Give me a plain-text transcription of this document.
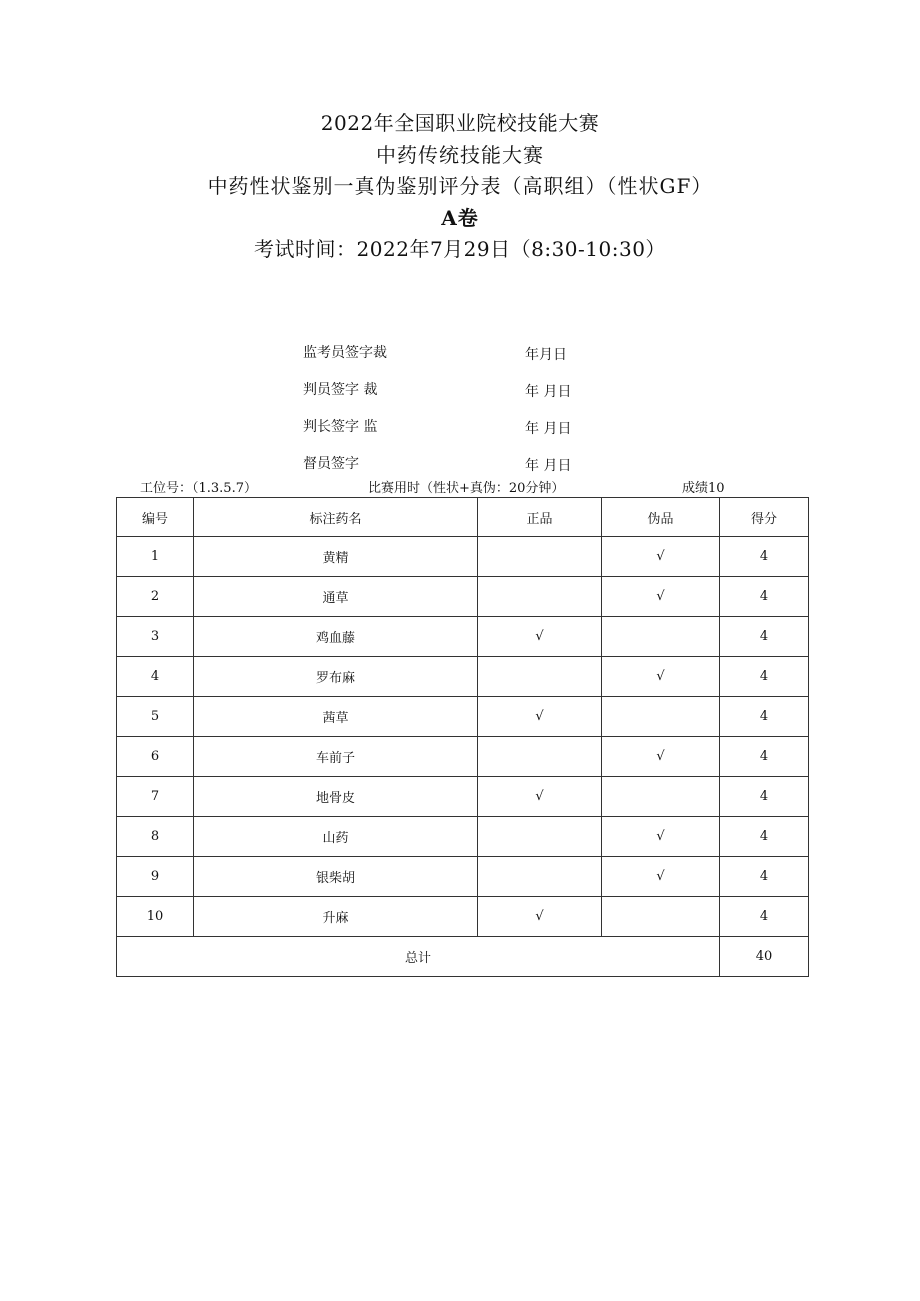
2022年全国职业院校技能大赛
中药传统技能大赛
中药性状鉴别一真伪鉴别评分表（高职组）（性状GF）
A卷
考试时间：2022年7月29日（8:30-10:30）
监考员签字裁	年月日
判员签字 裁	年 月日
判长签字 监	年 月日
督员签字	年 月日
工位号：（1.3.5.7）	比赛用时（性状+真伪：20分钟）	成绩10
编号	标注药名	正品	伪品	得分
1	黄精		√	4
2	通草		√	4
3	鸡血藤	√		4
4	罗布麻		√	4
5	茜草	√		4
6	车前子		√	4
7	地骨皮	√		4
8	山药		√	4
9	银柴胡		√	4
10	升麻	√		4
总计				40
